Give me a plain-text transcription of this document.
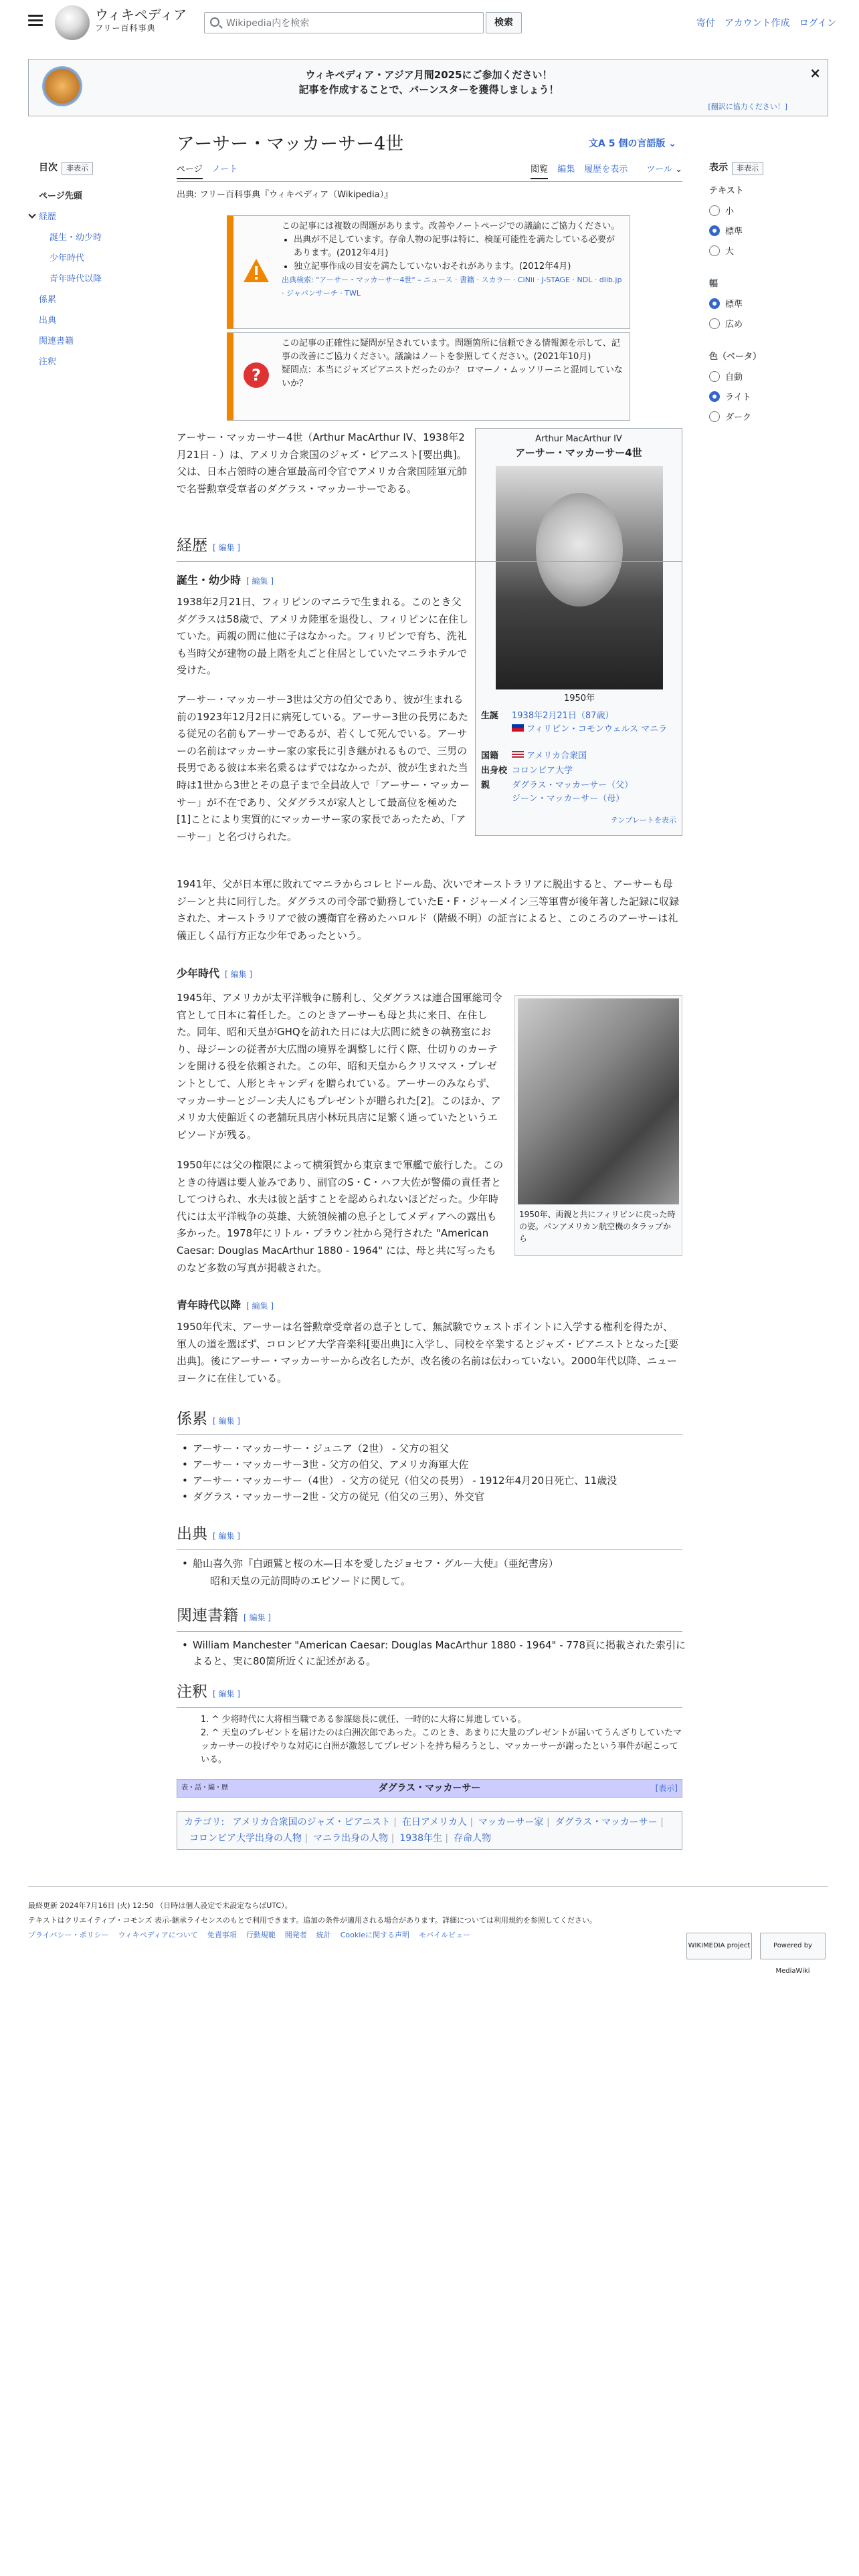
ウィキペディア
フリー百科事典	Wikipedia内を検索	検索	寄付 アカウント作成 ログイン
ウィキペディア・アジア月間2025にご参加ください！
記事を作成することで、バーンスターを獲得しましょう！
×
[翻訳に協力ください！]
目次 非表示
ページ先頭
経歴
誕生・幼少時
少年時代
青年時代以降
係累
出典
関連書籍
注釈
アーサー・マッカーサー4世	文A 5 個の言語版 ⌄
ページ ノート	閲覧 編集 履歴を表示 ツール ⌄
出典: フリー百科事典『ウィキペディア（Wikipedia）』
この記事には複数の問題があります。改善やノートページでの議論にご協力ください。
• 出典が不足しています。存命人物の記事は特に、検証可能性を満たしている必要があります。(2012年4月)
• 独立記事作成の目安を満たしていないおそれがあります。(2012年4月)
出典検索: "アーサー・マッカーサー4世" – ニュース · 書籍 · スカラー · CiNii · J-STAGE · NDL · dlib.jp · ジャパンサーチ · TWL
?
この記事の正確性に疑問が呈されています。問題箇所に信頼できる情報源を示して、記事の改善にご協力ください。議論はノートを参照してください。(2021年10月)
疑問点：本当にジャズピアニストだったのか？ ロマーノ・ムッソリーニと混同していないか？
アーサー・マッカーサー4世（Arthur MacArthur IV、1938年2月21日 - ）は、アメリカ合衆国のジャズ・ピアニスト[要出典]。父は、日本占領時の連合軍最高司令官でアメリカ合衆国陸軍元帥で名誉勲章受章者のダグラス・マッカーサーである。
Arthur MacArthur IV
アーサー・マッカーサー4世
1950年
生誕 1938年2月21日（87歳）
フィリピン・コモンウェルス マニラ
国籍	アメリカ合衆国
出身校 コロンビア大学
親	ダグラス・マッカーサー（父）
ジーン・マッカーサー（母）
テンプレートを表示
経歴 [ 編集 ]
誕生・幼少時 [ 編集 ]
1938年2月21日、フィリピンのマニラで生まれる。このとき父ダグラスは58歳で、アメリカ陸軍を退役し、フィリピンに在住していた。両親の間に他に子はなかった。フィリピンで育ち、洗礼も当時父が建物の最上階を丸ごと住居としていたマニラホテルで受けた。
アーサー・マッカーサー3世は父方の伯父であり、彼が生まれる前の1923年12月2日に病死している。アーサー3世の長男にあたる従兄の名前もアーサーであるが、若くして死んでいる。アーサーの名前はマッカーサー家の家長に引き継がれるもので、三男の長男である彼は本来名乗るはずではなかったが、彼が生まれた当時は1世から3世とその息子まで全員故人で「アーサー・マッカーサー」が不在であり、父ダグラスが家人として最高位を極めた[1]ことにより実質的にマッカーサー家の家長であったため、「アーサー」と名づけられた。
1941年、父が日本軍に敗れてマニラからコレヒドール島、次いでオーストラリアに脱出すると、アーサーも母ジーンと共に同行した。ダグラスの司令部で勤務していたE・F・ジャーメイン三等軍曹が後年著した記録に収録された、オーストラリアで彼の護衛官を務めたハロルド（階級不明）の証言によると、このころのアーサーは礼儀正しく品行方正な少年であったという。
少年時代 [ 編集 ]
1945年、アメリカが太平洋戦争に勝利し、父ダグラスは連合国軍総司令官として日本に着任した。このときアーサーも母と共に来日、在住した。同年、昭和天皇がGHQを訪れた日には大広間に続きの執務室におり、母ジーンの従者が大広間の境界を調整しに行く際、仕切りのカーテンを開ける役を依頼された。この年、昭和天皇からクリスマス・プレゼントとして、人形とキャンディを贈られている。アーサーのみならず、マッカーサーとジーン夫人にもプレゼントが贈られた[2]。このほか、アメリカ大使館近くの老舗玩具店小林玩具店に足繁く通っていたというエピソードが残る。
1950年には父の権限によって横須賀から東京まで軍艦で旅行した。このときの待遇は要人並みであり、副官のS・C・ハフ大佐が警備の責任者としてつけられ、水夫は彼と話すことを認められないほどだった。少年時代には太平洋戦争の英雄、大統領候補の息子としてメディアへの露出も多かった。1978年にリトル・ブラウン社から発行された "American Caesar: Douglas MacArthur 1880 - 1964" には、母と共に写ったものなど多数の写真が掲載された。
1950年、両親と共にフィリピンに戻った時の姿。パンアメリカン航空機のタラップから
青年時代以降 [ 編集 ]
1950年代末、アーサーは名誉勲章受章者の息子として、無試験でウェストポイントに入学する権利を得たが、軍人の道を選ばず、コロンビア大学音楽科[要出典]に入学し、同校を卒業するとジャズ・ピアニストとなった[要出典]。後にアーサー・マッカーサーから改名したが、改名後の名前は伝わっていない。2000年代以降、ニューヨークに在住している。
係累 [ 編集 ]
• アーサー・マッカーサー・ジュニア（2世） - 父方の祖父
• アーサー・マッカーサー3世 - 父方の伯父、アメリカ海軍大佐
• アーサー・マッカーサー（4世） - 父方の従兄（伯父の長男） - 1912年4月20日死亡、11歳没
• ダグラス・マッカーサー2世 - 父方の従兄（伯父の三男）、外交官
出典 [ 編集 ]
• 船山喜久弥『白頭鷲と桜の木—日本を愛したジョセフ・グルー大使』（亜紀書房）
昭和天皇の元訪問時のエピソードに関して。
関連書籍 [ 編集 ]
• William Manchester "American Caesar: Douglas MacArthur 1880 - 1964" - 778頁に掲載された索引によると、実に80箇所近くに記述がある。
注釈 [ 編集 ]
1. ^ 少将時代に大将相当職である参謀総長に就任、一時的に大将に昇進している。
2. ^ 天皇のプレゼントを届けたのは白洲次郎であった。このとき、あまりに大量のプレゼントが届いてうんざりしていたマッカーサーの投げやりな対応に白洲が激怒してプレゼントを持ち帰ろうとし、マッカーサーが謝ったという事件が起こっている。
表・話・編・歴	ダグラス・マッカーサー	[表示]
カテゴリ: アメリカ合衆国のジャズ・ピアニスト | 在日アメリカ人 | マッカーサー家 | ダグラス・マッカーサー |コロンビア大学出身の人物 | マニラ出身の人物 | 1938年生 | 存命人物
表示 非表示
テキスト
小
標準
大
幅
標準
広め
色（ベータ）
自動
ライト
ダーク
最終更新 2024年7月16日 (火) 12:50 （日時は個人設定で未設定ならばUTC）。
テキストはクリエイティブ・コモンズ 表示-継承ライセンスのもとで利用できます。追加の条件が適用される場合があります。詳細については利用規約を参照してください。
プライバシー・ポリシー ウィキペディアについて 免責事項 行動規範 開発者 統計 Cookieに関する声明 モバイルビュー
WIKIMEDIA project	Powered by MediaWiki
